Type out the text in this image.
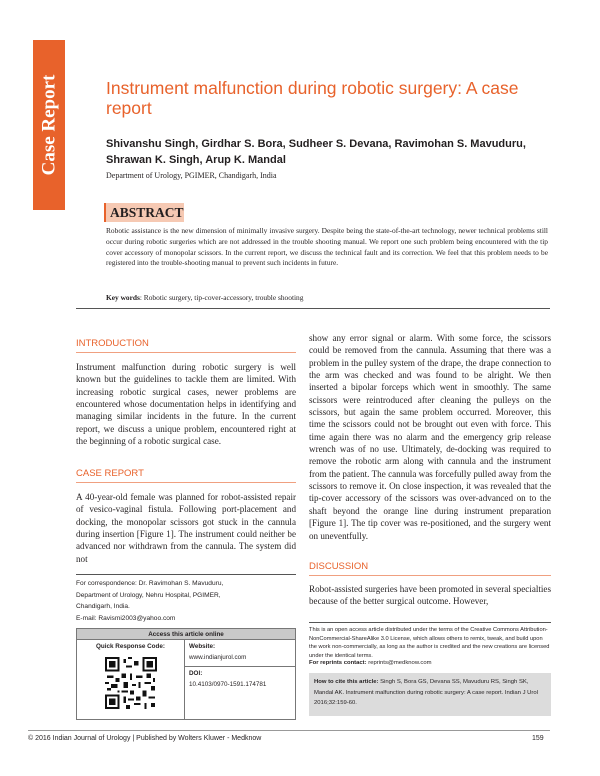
Case Report	Instrument malfunction during robotic surgery: A case report
Shivanshu Singh, Girdhar S. Bora, Sudheer S. Devana, Ravimohan S. Mavuduru, Shrawan K. Singh, Arup K. Mandal
Department of Urology, PGIMER, Chandigarh, India
ABSTRACT
Robotic assistance is the new dimension of minimally invasive surgery. Despite being the state-of-the-art technology, newer technical problems still occur during robotic surgeries which are not addressed in the trouble shooting manual. We report one such problem being encountered with the tip cover accessory of monopolar scissors. In the current report, we discuss the technical fault and its correction. We feel that this problem needs to be registered into the trouble-shooting manual to prevent such incidents in future.
Key words: Robotic surgery, tip-cover-accessory, trouble shooting
INTRODUCTION
Instrument malfunction during robotic surgery is well known but the guidelines to tackle them are limited. With increasing robotic surgical cases, newer problems are encountered whose documentation helps in identifying and managing similar incidents in the future. In the current report, we discuss a unique problem, encountered right at the beginning of a robotic surgical case.
CASE REPORT
A 40-year-old female was planned for robot-assisted repair of vesico-vaginal fistula. Following port-placement and docking, the monopolar scissors got stuck in the cannula during insertion [Figure 1]. The instrument could neither be advanced nor withdrawn from the cannula. The system did not
For correspondence: Dr. Ravimohan S. Mavuduru,
Department of Urology, Nehru Hospital, PGIMER,
Chandigarh, India.
E-mail: Ravismi2003@yahoo.com
Access this article online
Quick Response Code:	Website:
www.indianjurol.com
DOI:
10.4103/0970-1591.174781
show any error signal or alarm. With some force, the scissors could be removed from the cannula. Assuming that there was a problem in the pulley system of the drape, the drape connection to the arm was checked and was found to be alright. We then inserted a bipolar forceps which went in smoothly. The same scissors were reintroduced after cleaning the pulleys on the scissors, but again the same problem occurred. Moreover, this time the scissors could not be brought out even with force. This time again there was no alarm and the emergency grip release wrench was of no use. Ultimately, de-docking was required to remove the robotic arm along with cannula and the instrument from the patient. The cannula was forcefully pulled away from the scissors to remove it. On close inspection, it was revealed that the tip-cover accessory of the scissors was over-advanced on to the shaft beyond the orange line during instrument preparation [Figure 1]. The tip cover was re-positioned, and the surgery went on uneventfully.
DISCUSSION
Robot-assisted surgeries have been promoted in several specialties because of the better surgical outcome. However,
This is an open access article distributed under the terms of the Creative Commons Attribution-NonCommercial-ShareAlike 3.0 License, which allows others to remix, tweak, and build upon the work non-commercially, as long as the author is credited and the new creations are licensed under the identical terms.
For reprints contact: reprints@medknow.com
How to cite this article: Singh S, Bora GS, Devana SS, Mavuduru RS, Singh SK, Mandal AK. Instrument malfunction during robotic surgery: A case report. Indian J Urol 2016;32:159-60.
© 2016 Indian Journal of Urology | Published by Wolters Kluwer - Medknow	159
